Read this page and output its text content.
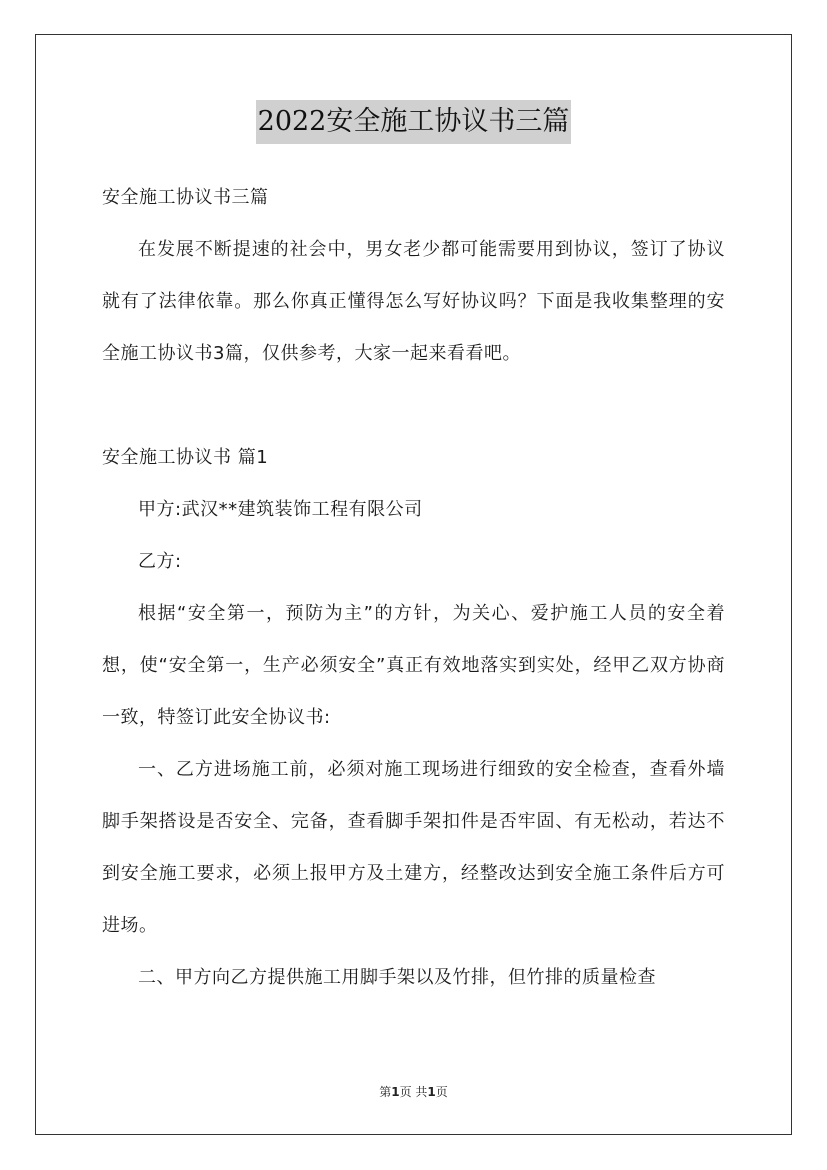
2022安全施工协议书三篇

安全施工协议书三篇

在发展不断提速的社会中，男女老少都可能需要用到协议，签订了协议就有了法律依靠。那么你真正懂得怎么写好协议吗？下面是我收集整理的安全施工协议书3篇，仅供参考，大家一起来看看吧。

安全施工协议书 篇1

甲方:武汉**建筑装饰工程有限公司

乙方:

根据“安全第一，预防为主”的方针，为关心、爱护施工人员的安全着想，使“安全第一，生产必须安全”真正有效地落实到实处，经甲乙双方协商一致，特签订此安全协议书:

一、乙方进场施工前，必须对施工现场进行细致的安全检查，查看外墙脚手架搭设是否安全、完备，查看脚手架扣件是否牢固、有无松动，若达不到安全施工要求，必须上报甲方及土建方，经整改达到安全施工条件后方可进场。

二、甲方向乙方提供施工用脚手架以及竹排，但竹排的质量检查

第1页 共1页
